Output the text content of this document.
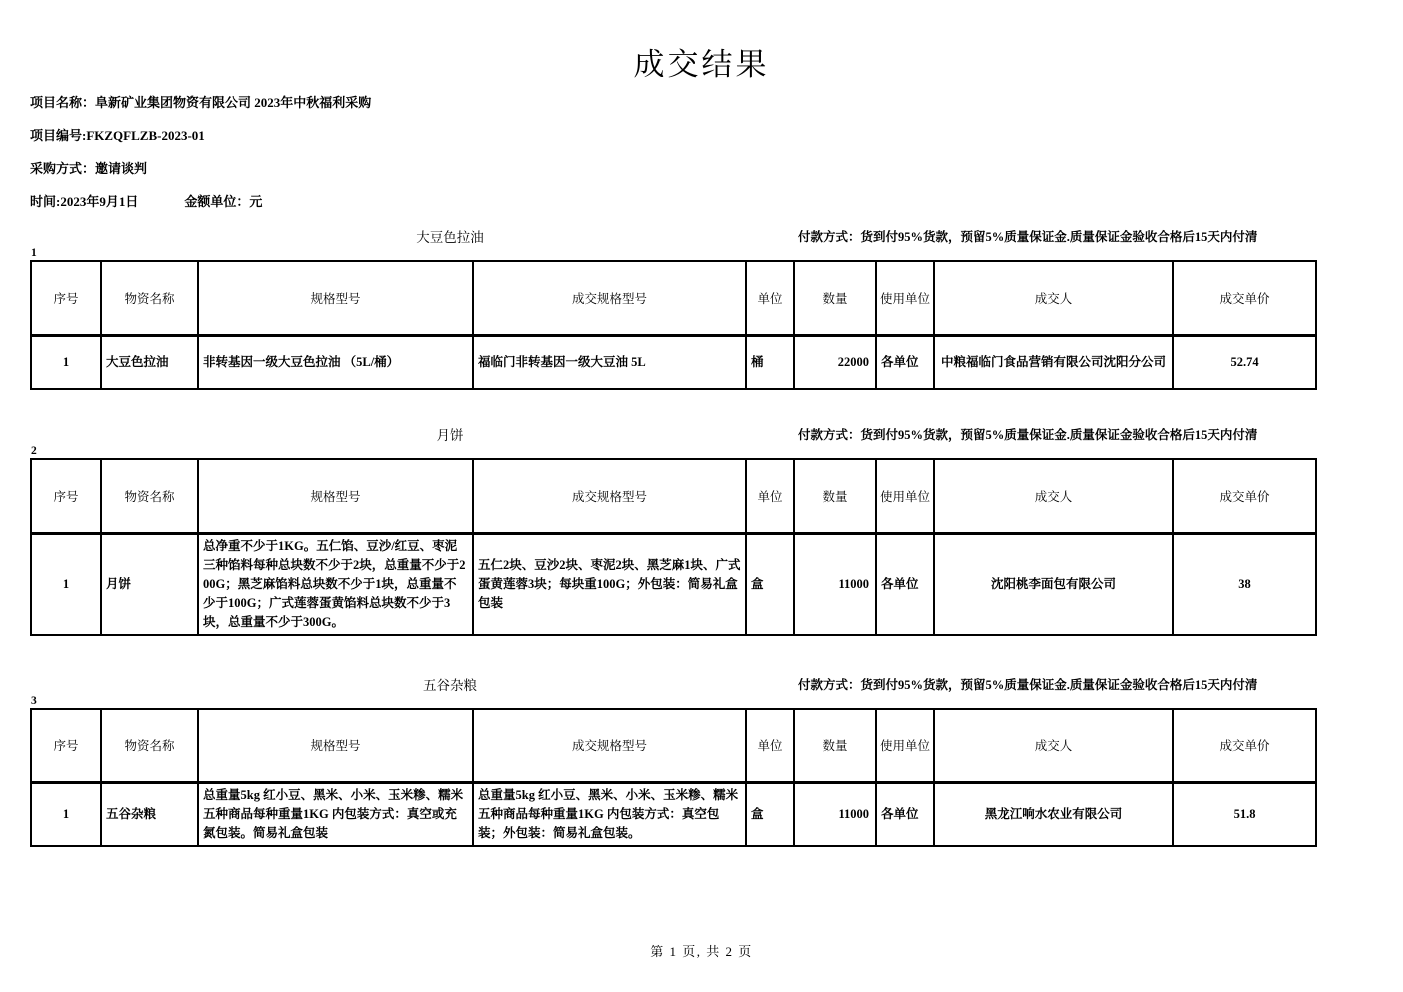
成交结果
项目名称：阜新矿业集团物资有限公司 2023年中秋福利采购
项目编号:FKZQFLZB-2023-01
采购方式：邀请谈判
时间:2023年9月1日	金额单位：元
大豆色拉油	付款方式：货到付95%货款，预留5%质量保证金.质量保证金验收合格后15天内付清
1
序号	物资名称	规格型号	成交规格型号	单位	数量	使用单位	成交人	成交单价
1	大豆色拉油	非转基因一级大豆色拉油 （5L/桶）	福临门非转基因一级大豆油 5L	桶	22000	各单位	中粮福临门食品营销有限公司沈阳分公司	52.74
月饼	付款方式：货到付95%货款，预留5%质量保证金.质量保证金验收合格后15天内付清
2
序号	物资名称	规格型号	成交规格型号	单位	数量	使用单位	成交人	成交单价
1	月饼	总净重不少于1KG。五仁馅、豆沙/红豆、枣泥三种馅料每种总块数不少于2块，总重量不少于200G；黑芝麻馅料总块数不少于1块，总重量不少于100G；广式莲蓉蛋黄馅料总块数不少于3块，总重量不少于300G。	五仁2块、豆沙2块、枣泥2块、黑芝麻1块、广式蛋黄莲蓉3块；每块重100G；外包装：简易礼盒包装	盒	11000	各单位	沈阳桃李面包有限公司	38
五谷杂粮	付款方式：货到付95%货款，预留5%质量保证金.质量保证金验收合格后15天内付清
3
序号	物资名称	规格型号	成交规格型号	单位	数量	使用单位	成交人	成交单价
1	五谷杂粮	总重量5kg 红小豆、黑米、小米、玉米糁、糯米五种商品每种重量1KG 内包装方式：真空或充氮包装。简易礼盒包装	总重量5kg 红小豆、黑米、小米、玉米糁、糯米五种商品每种重量1KG 内包装方式：真空包装；外包装：简易礼盒包装。	盒	11000	各单位	黑龙江响水农业有限公司	51.8
第 1 页, 共 2 页
